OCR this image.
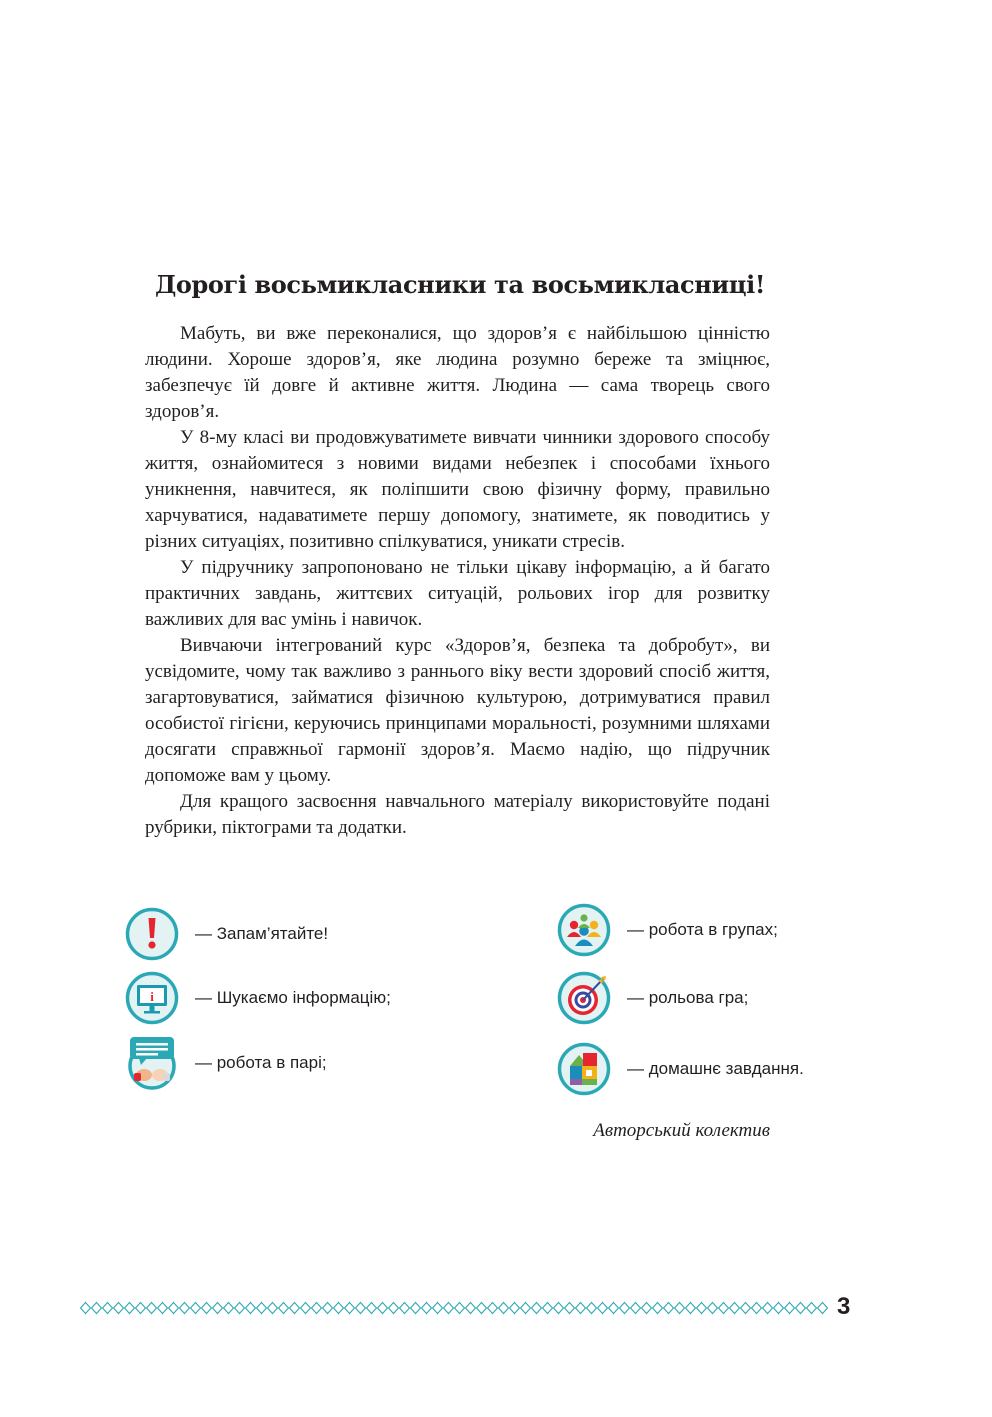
Дорогі восьмикласники та восьмикласниці!

Мабуть, ви вже переконалися, що здоров’я є найбільшою цінністю людини. Хороше здоров’я, яке людина розумно береже та зміцнює, забезпечує їй довге й активне життя. Людина — сама творець свого здоров’я.

У 8-му класі ви продовжуватимете вивчати чинники здорового способу життя, ознайомитеся з новими видами небезпек і способами їхнього уникнення, навчитеся, як поліпшити свою фізичну форму, правильно харчуватися, надаватимете першу допомогу, знатимете, як поводитись у різних ситуаціях, позитивно спілкуватися, уникати стресів.

У підручнику запропоновано не тільки цікаву інформацію, а й багато практичних завдань, життєвих ситуацій, рольових ігор для розвитку важливих для вас умінь і навичок.

Вивчаючи інтегрований курс «Здоров’я, безпека та добробут», ви усвідомите, чому так важливо з раннього віку вести здоровий спосіб життя, загартовуватися, займатися фізичною культурою, дотримуватися правил особистої гігієни, керуючись принципами моральності, розумними шляхами досягати справжньої гармонії здоров’я. Маємо надію, що підручник допоможе вам у цьому.

Для кращого засвоєння навчального матеріалу використовуйте подані рубрики, піктограми та додатки.

— Запам’ятайте!
i — Шукаємо інформацію;
— робота в парі;
— робота в групах;
— рольова гра;
— домашнє завдання.
Авторський колектив
3
